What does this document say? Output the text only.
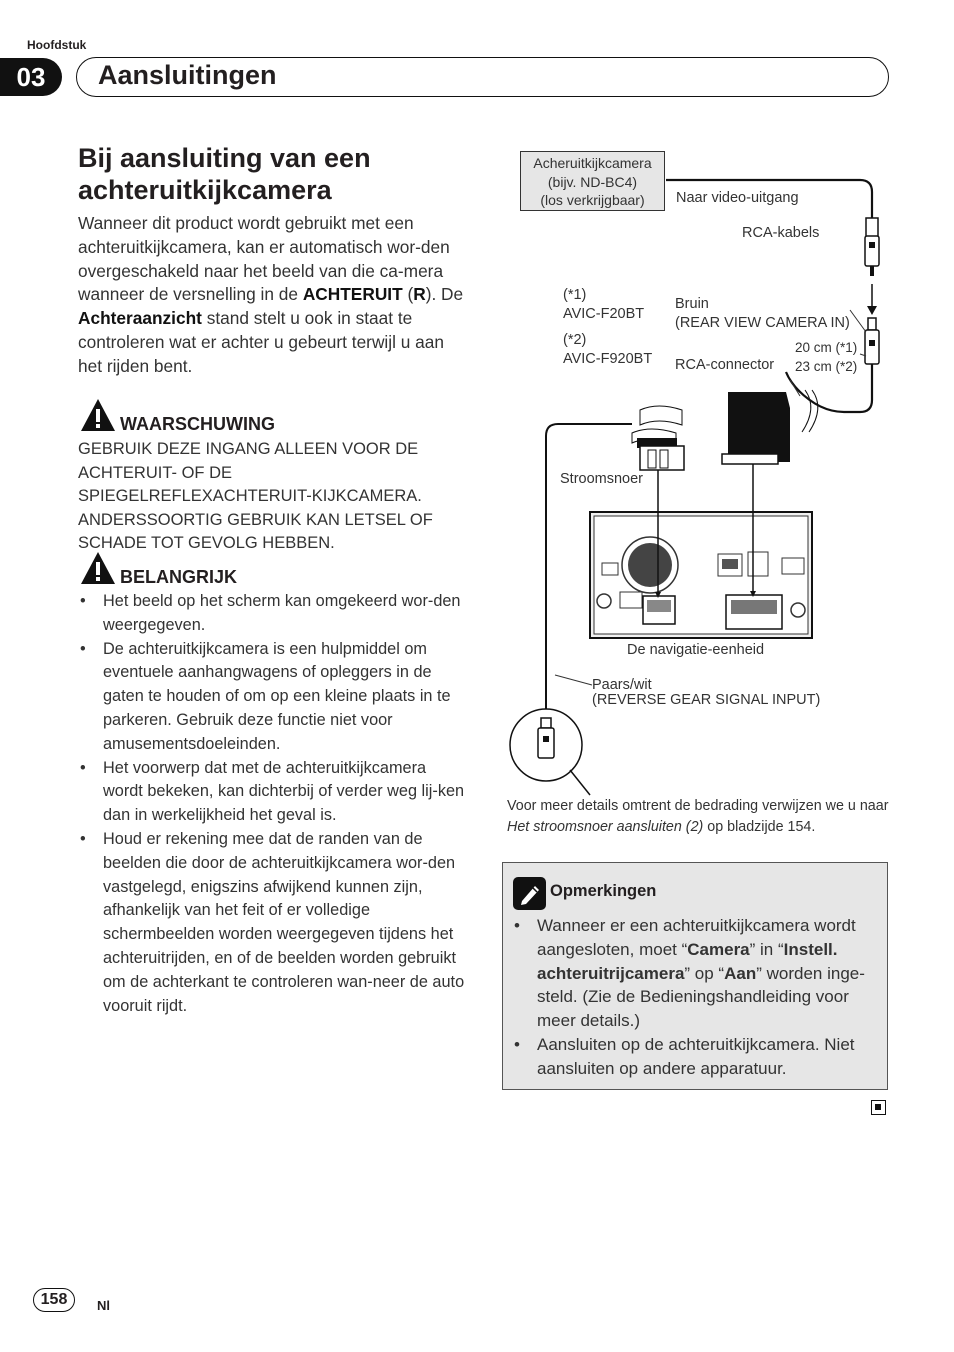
Hoofdstuk
03	Aansluitingen
Bij aansluiting van een achteruitkijkcamera
Wanneer dit product wordt gebruikt met een achteruitkijkcamera, kan er automatisch wor-den overgeschakeld naar het beeld van die ca-mera wanneer de versnelling in de ACHTERUIT (R). De Achteraanzicht stand stelt u ook in staat te controleren wat er achter u gebeurt terwijl u aan het rijden bent.
WAARSCHUWING
GEBRUIK DEZE INGANG ALLEEN VOOR DE ACHTERUIT- OF DE SPIEGELREFLEXACHTERUIT-KIJKCAMERA. ANDERSSOORTIG GEBRUIK KAN LETSEL OF SCHADE TOT GEVOLG HEBBEN.
BELANGRIJK
• Het beeld op het scherm kan omgekeerd wor-den weergegeven.
• De achteruitkijkcamera is een hulpmiddel om eventuele aanhangwagens of opleggers in de gaten te houden of om op een kleine plaats in te parkeren. Gebruik deze functie niet voor amusementsdoeleinden.
• Het voorwerp dat met de achteruitkijkcamera wordt bekeken, kan dichterbij of verder weg lij-ken dan in werkelijkheid het geval is.
• Houd er rekening mee dat de randen van de beelden die door de achteruitkijkcamera wor-den vastgelegd, enigszins afwijkend kunnen zijn, afhankelijk van het feit of er volledige schermbeelden worden weergegeven tijdens het achteruitrijden, en of de beelden worden gebruikt om de achterkant te controleren wan-neer de auto vooruit rijdt.
Acheruitkijkcamera
(bijv. ND-BC4)
(los verkrijgbaar)	Naar video-uitgang
RCA-kabels
(*1)
AVIC-F20BT
(*2)
AVIC-F920BT
Bruin
(REAR VIEW CAMERA IN)
20 cm (*1)
23 cm (*2)
RCA-connector
Stroomsnoer
De navigatie-eenheid
Paars/wit
(REVERSE GEAR SIGNAL INPUT)
Voor meer details omtrent de bedrading verwijzen we u naar Het stroomsnoer aansluiten (2) op bladzijde 154.
Opmerkingen
• Wanneer er een achteruitkijkcamera wordt aangesloten, moet “Camera” in “Instell. achteruitrijcamera” op “Aan” worden inge-steld. (Zie de Bedieningshandleiding voor meer details.)
• Aansluiten op de achteruitkijkcamera. Niet aansluiten op andere apparatuur.
158	Nl
